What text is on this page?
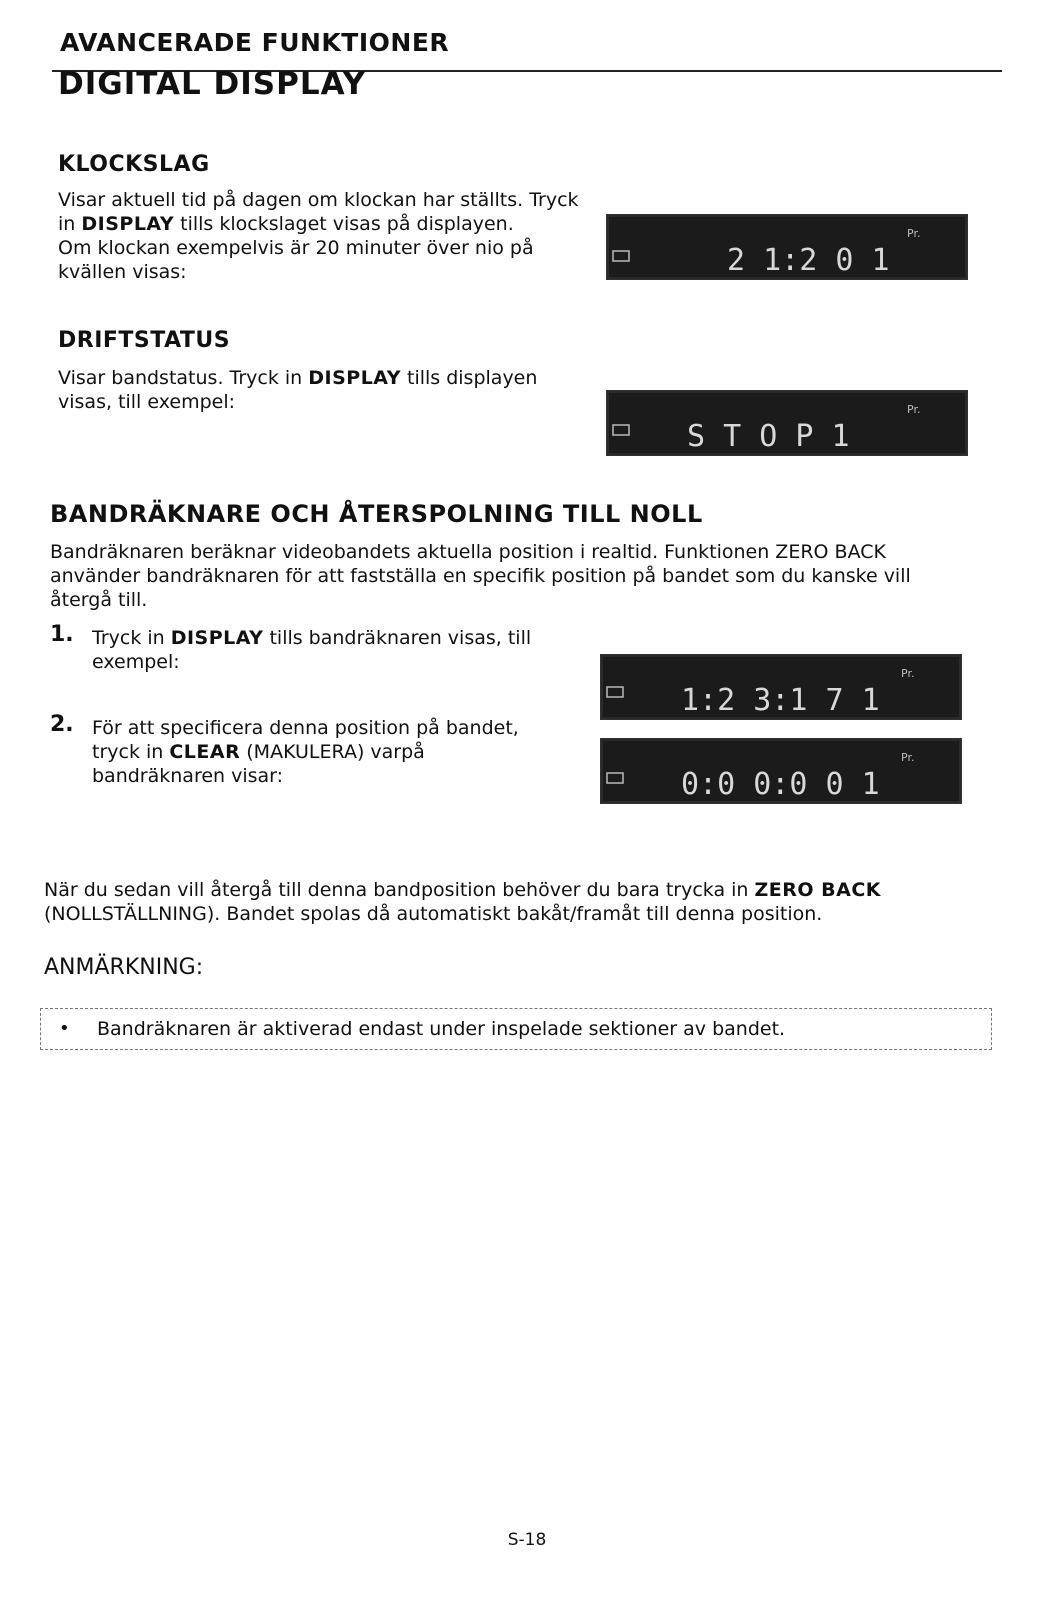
AVANCERADE FUNKTIONER
DIGITAL DISPLAY
KLOCKSLAG

Visar aktuell tid på dagen om klockan har ställts. Tryck

in DISPLAY tills klockslaget visas på displayen.

Om klockan exempelvis är 20 minuter över nio på

kvällen visas:

Pr.
2 1:2 0 1
DRIFTSTATUS

Visar bandstatus. Tryck in DISPLAY tills displayen

visas, till exempel:	Pr.
S T O P 1
BANDRÄKNARE OCH ÅTERSPOLNING TILL NOLL

Bandräknaren beräknar videobandets aktuella position i realtid. Funktionen ZERO BACK

använder bandräknaren för att fastställa en specifik position på bandet som du kanske vill

återgå till.

1. Tryck in DISPLAY tills bandräknaren visas, till

exempel:

2. För att specificera denna position på bandet,

tryck in CLEAR (MAKULERA) varpå

bandräknaren visar:

Pr.
1:2 3:1 7 1
Pr.
0:0 0:0 0 1

När du sedan vill återgå till denna bandposition behöver du bara trycka in ZERO BACK

(NOLLSTÄLLNING). Bandet spolas då automatiskt bakåt/framåt till denna position.

ANMÄRKNING:
• Bandräknaren är aktiverad endast under inspelade sektioner av bandet.
S-18
